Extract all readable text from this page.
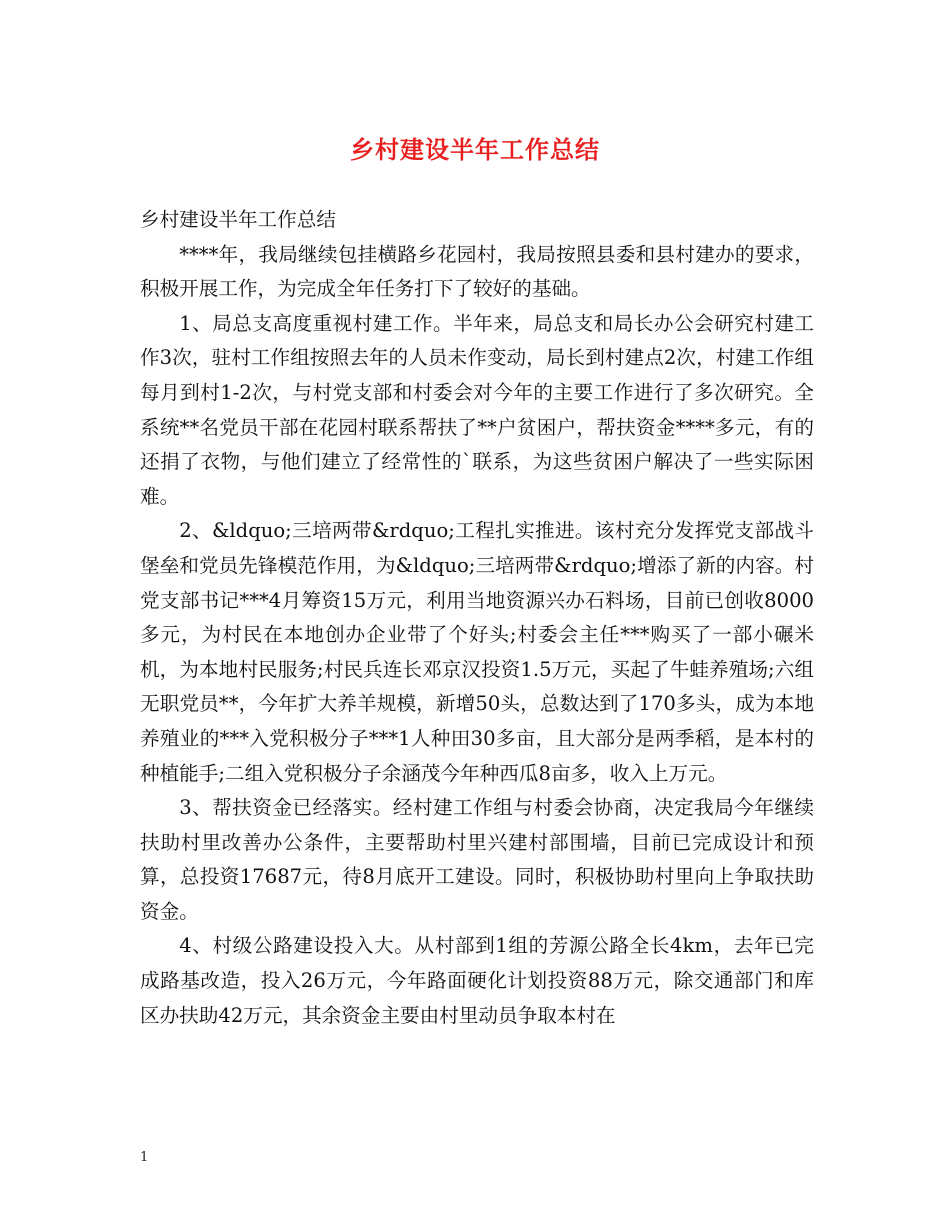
乡村建设半年工作总结

乡村建设半年工作总结

****年，我局继续包挂横路乡花园村，我局按照县委和县村建办的要求，积极开展工作，为完成全年任务打下了较好的基础。

1、局总支高度重视村建工作。半年来，局总支和局长办公会研究村建工作3次，驻村工作组按照去年的人员未作变动，局长到村建点2次，村建工作组每月到村1-2次，与村党支部和村委会对今年的主要工作进行了多次研究。全系统**名党员干部在花园村联系帮扶了**户贫困户，帮扶资金****多元，有的还捐了衣物，与他们建立了经常性的`联系，为这些贫困户解决了一些实际困难。

2、&ldquo;三培两带&rdquo;工程扎实推进。该村充分发挥党支部战斗堡垒和党员先锋模范作用，为&ldquo;三培两带&rdquo;增添了新的内容。村党支部书记***4月筹资15万元，利用当地资源兴办石料场，目前已创收8000多元，为村民在本地创办企业带了个好头;村委会主任***购买了一部小碾米机，为本地村民服务;村民兵连长邓京汉投资1.5万元，买起了牛蛙养殖场;六组无职党员**，今年扩大养羊规模，新增50头，总数达到了170多头，成为本地养殖业的***入党积极分子***1人种田30多亩，且大部分是两季稻，是本村的种植能手;二组入党积极分子余涵茂今年种西瓜8亩多，收入上万元。

3、帮扶资金已经落实。经村建工作组与村委会协商，决定我局今年继续扶助村里改善办公条件，主要帮助村里兴建村部围墙，目前已完成设计和预算，总投资17687元，待8月底开工建设。同时，积极协助村里向上争取扶助资金。

4、村级公路建设投入大。从村部到1组的芳源公路全长4km，去年已完成路基改造，投入26万元，今年路面硬化计划投资88万元，除交通部门和库区办扶助42万元，其余资金主要由村里动员争取本村在

1
